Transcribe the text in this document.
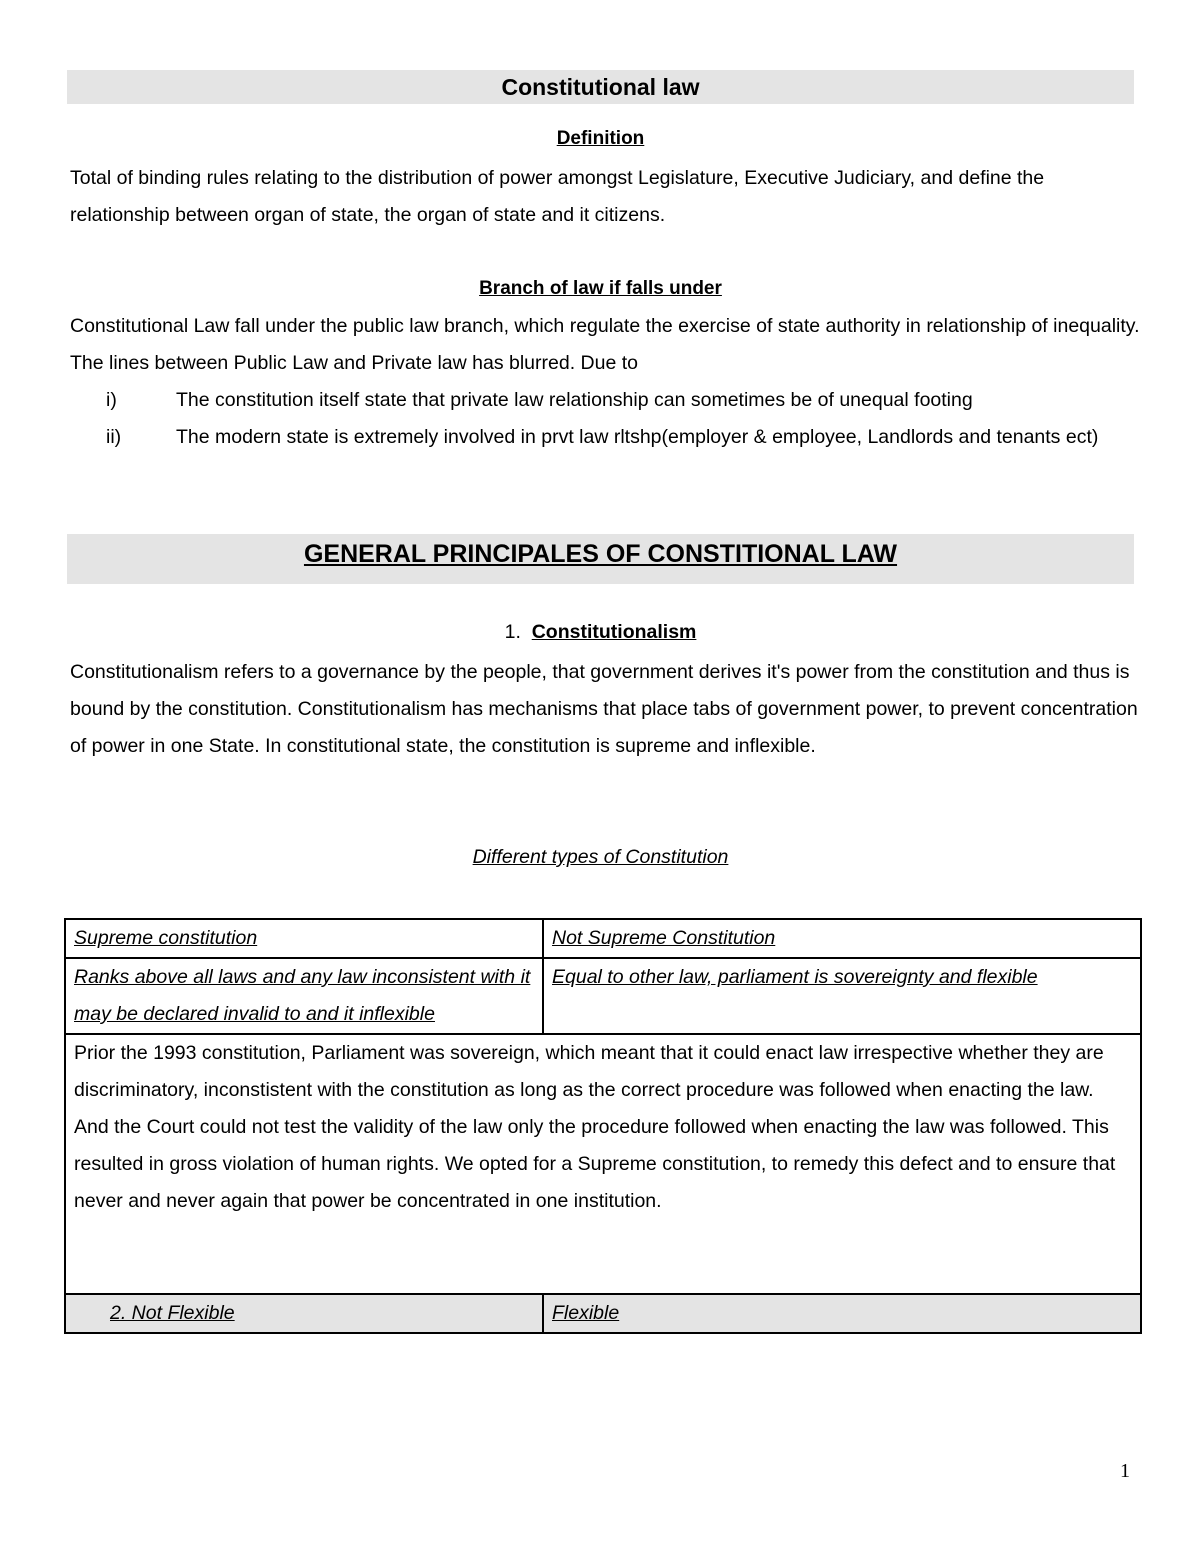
Constitutional law
Definition
Total of binding rules relating to the distribution of power amongst Legislature, Executive Judiciary, and define the relationship between organ of state, the organ of state and it citizens.
Branch of law if falls under
Constitutional Law fall under the public law branch, which regulate the exercise of state authority in relationship of inequality. The lines between Public Law and Private law has blurred. Due to
i)	The constitution itself state that private law relationship can sometimes be of unequal footing
ii)	The modern state is extremely involved in prvt law rltshp(employer & employee, Landlords and tenants ect)
GENERAL PRINCIPALES OF CONSTITIONAL LAW
1. Constitutionalism
Constitutionalism refers to a governance by the people, that government derives it's power from the constitution and thus is bound by the constitution. Constitutionalism has mechanisms that place tabs of government power, to prevent concentration of power in one State. In constitutional state, the constitution is supreme and inflexible.
Different types of Constitution
Supreme constitution	Not Supreme Constitution
Ranks above all laws and any law inconsistent with it may be declared invalid to and it inflexible	Equal to other law, parliament is sovereignty and flexible
Prior the 1993 constitution, Parliament was sovereign, which meant that it could enact law irrespective whether they are discriminatory, inconstistent with the constitution as long as the correct procedure was followed when enacting the law. And the Court could not test the validity of the law only the procedure followed when enacting the law was followed. This resulted in gross violation of human rights. We opted for a Supreme constitution, to remedy this defect and to ensure that never and never again that power be concentrated in one institution.	
2. Not Flexible	Flexible
1
